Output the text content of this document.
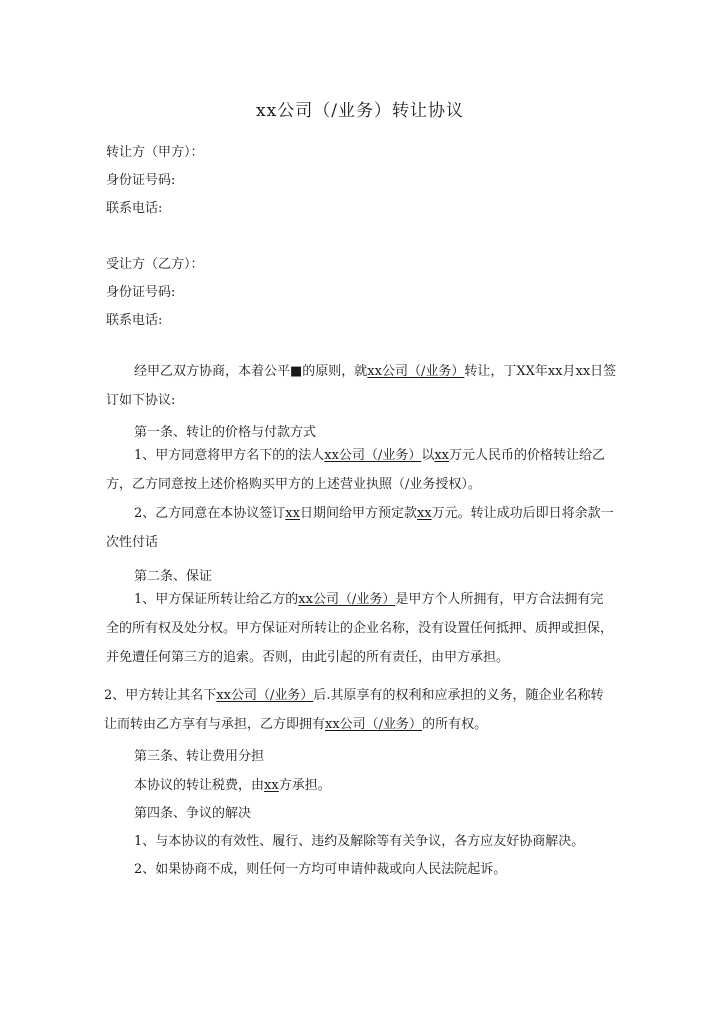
xx公司（/业务）转让协议
转让方（甲方）：
身份证号码:
联系电话:
受让方（乙方）：
身份证号码:
联系电话:
经甲乙双方协商，本着公平■的原则，就xx公司（/业务）转让，丁XX年xx月xx日签
订如下协议:
第一条、转让的价格与付款方式
1、甲方同意将甲方名下的的法人xx公司（/业务）以xx万元人民币的价格转让给乙
方，乙方同意按上述价格购买甲方的上述营业执照（/业务授权）。
2、乙方同意在本协议签订xx日期间给甲方预定款xx万元。转让成功后即日将余款一
次性付话
第二条、保证
1、甲方保证所转让给乙方的xx公司（/业务）是甲方个人所拥有，甲方合法拥有完
全的所有权及处分权。甲方保证对所转让的企业名称，没有设置任何抵押、质押或担保，
并免遭任何第三方的追索。否则，由此引起的所有责任，由甲方承担。
2、甲方转让其名下xx公司（/业务）后.其原享有的权利和应承担的义务，随企业名称转
让而转由乙方享有与承担，乙方即拥有xx公司（/业务）的所有权。
第三条、转让费用分担
本协议的转让税费，由xx方承担。
第四条、争议的解决
1、与本协议的有效性、履行、违约及解除等有关争议，各方应友好协商解决。
2、如果协商不成，则任何一方均可申请仲裁或向人民法院起诉。
